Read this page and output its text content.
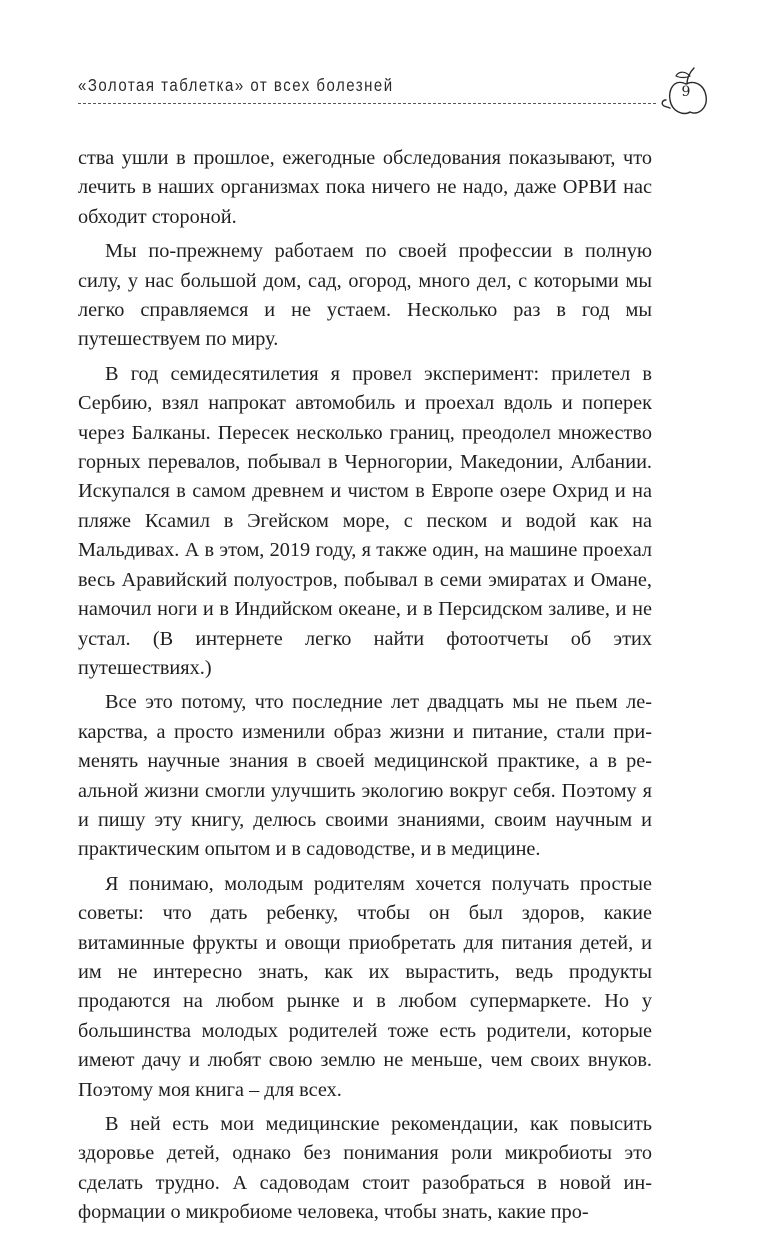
«Золотая таблетка» от всех болезней	9

ства ушли в прошлое, ежегодные обследования показывают, что лечить в наших организмах пока ничего не надо, даже ОРВИ нас обходит стороной.

Мы по-прежнему работаем по своей профессии в полную силу, у нас большой дом, сад, огород, много дел, с которыми мы легко справляемся и не устаем. Несколько раз в год мы путешествуем по миру.

В год семидесятилетия я провел эксперимент: прилетел в Сербию, взял напрокат автомобиль и проехал вдоль и поперек через Балканы. Пересек несколько границ, преодолел множество горных перевалов, побывал в Черногории, Македонии, Албании. Искупался в самом древнем и чистом в Европе озере Охрид и на пляже Ксамил в Эгейском море, с песком и водой как на Мальдивах. А в этом, 2019 году, я также один, на машине проехал весь Аравийский полуостров, побывал в семи эмиратах и Омане, намочил ноги и в Индийском океане, и в Персидском заливе, и не устал. (В интернете легко найти фотоотчеты об этих путешествиях.)

Все это потому, что последние лет двадцать мы не пьем лекарства, а просто изменили образ жизни и питание, стали применять научные знания в своей медицинской практике, а в реальной жизни смогли улучшить экологию вокруг себя. Поэтому я и пишу эту книгу, делюсь своими знаниями, своим научным и практическим опытом и в садоводстве, и в медицине.

Я понимаю, молодым родителям хочется получать простые советы: что дать ребенку, чтобы он был здоров, какие витаминные фрукты и овощи приобретать для питания детей, и им не интересно знать, как их вырастить, ведь продукты продаются на любом рынке и в любом супермаркете. Но у большинства молодых родителей тоже есть родители, которые имеют дачу и любят свою землю не меньше, чем своих внуков. Поэтому моя книга – для всех.

В ней есть мои медицинские рекомендации, как повысить здоровье детей, однако без понимания роли микробиоты это сделать трудно. А садоводам стоит разобраться в новой информации о микробиоме человека, чтобы знать, какие про-
